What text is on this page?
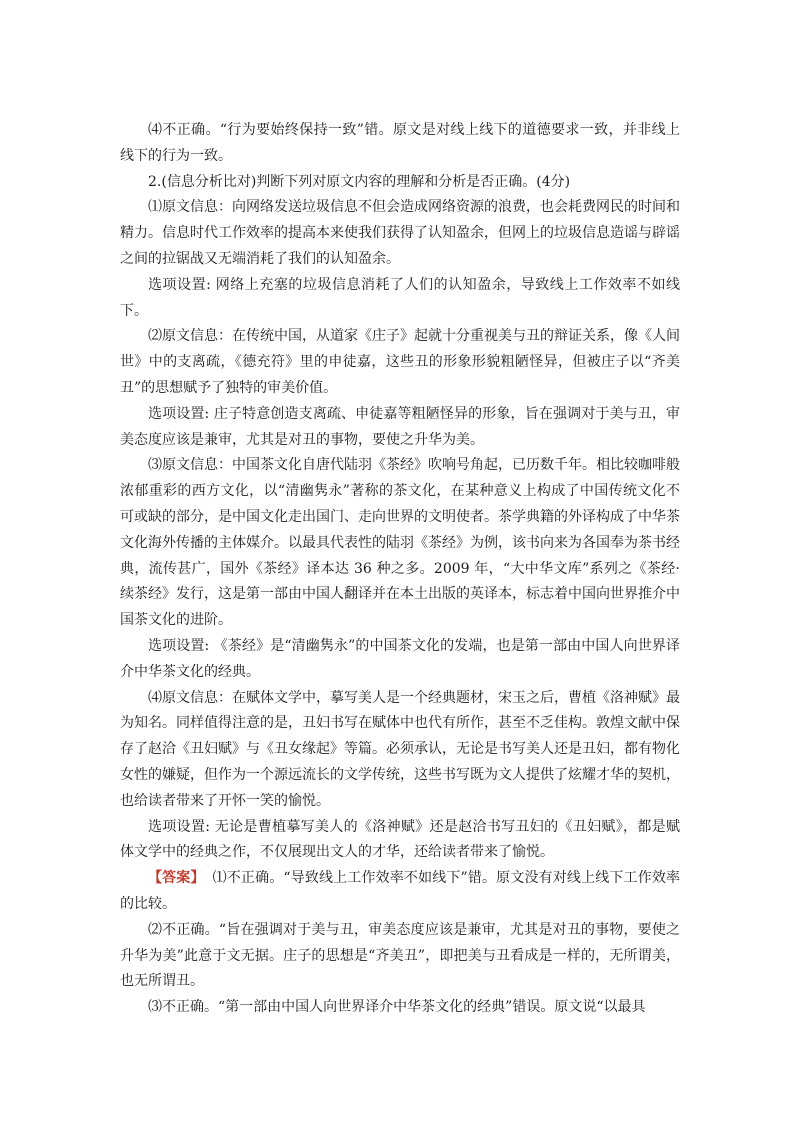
⑷不正确。“行为要始终保持一致”错。原文是对线上线下的道德要求一致，并非线上线下的行为一致。

2.(信息分析比对)判断下列对原文内容的理解和分析是否正确。(4分)

⑴原文信息：向网络发送垃圾信息不但会造成网络资源的浪费，也会耗费网民的时间和精力。信息时代工作效率的提高本来使我们获得了认知盈余，但网上的垃圾信息造谣与辟谣之间的拉锯战又无端消耗了我们的认知盈余。

选项设置: 网络上充塞的垃圾信息消耗了人们的认知盈余，导致线上工作效率不如线下。

⑵原文信息：在传统中国，从道家《庄子》起就十分重视美与丑的辩证关系，像《人间世》中的支离疏，《德充符》里的申徒嘉，这些丑的形象形貌粗陋怪异，但被庄子以“齐美丑”的思想赋予了独特的审美价值。

选项设置: 庄子特意创造支离疏、申徒嘉等粗陋怪异的形象，旨在强调对于美与丑，审美态度应该是兼审，尤其是对丑的事物，要使之升华为美。

⑶原文信息：中国茶文化自唐代陆羽《茶经》吹响号角起，已历数千年。相比较咖啡般浓郁重彩的西方文化，以“清幽隽永”著称的茶文化，在某种意义上构成了中国传统文化不可或缺的部分，是中国文化走出国门、走向世界的文明使者。茶学典籍的外译构成了中华茶文化海外传播的主体媒介。以最具代表性的陆羽《茶经》为例，该书向来为各国奉为茶书经典，流传甚广，国外《茶经》译本达 36 种之多。2009 年，“大中华文库”系列之《茶经·续茶经》发行，这是第一部由中国人翻译并在本土出版的英译本，标志着中国向世界推介中国茶文化的进阶。

选项设置: 《茶经》是“清幽隽永”的中国茶文化的发端，也是第一部由中国人向世界译介中华茶文化的经典。

⑷原文信息：在赋体文学中，摹写美人是一个经典题材，宋玉之后，曹植《洛神赋》最为知名。同样值得注意的是，丑妇书写在赋体中也代有所作，甚至不乏佳构。敦煌文献中保存了赵洽《丑妇赋》与《丑女缘起》等篇。必须承认，无论是书写美人还是丑妇，都有物化女性的嫌疑，但作为一个源远流长的文学传统，这些书写既为文人提供了炫耀才华的契机，也给读者带来了开怀一笑的愉悦。

选项设置: 无论是曹植摹写美人的《洛神赋》还是赵洽书写丑妇的《丑妇赋》，都是赋体文学中的经典之作，不仅展现出文人的才华，还给读者带来了愉悦。

【答案】 ⑴不正确。“导致线上工作效率不如线下”错。原文没有对线上线下工作效率的比较。

⑵不正确。“旨在强调对于美与丑，审美态度应该是兼审，尤其是对丑的事物，要使之升华为美”此意于文无据。庄子的思想是“齐美丑”，即把美与丑看成是一样的，无所谓美，也无所谓丑。

⑶不正确。“第一部由中国人向世界译介中华茶文化的经典”错误。原文说“以最具
